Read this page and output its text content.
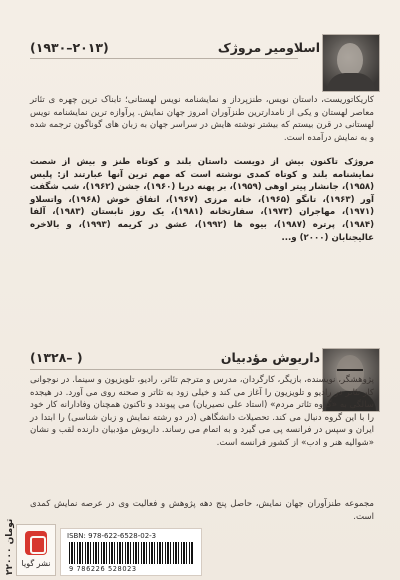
اسلاومیر مروژک
(۱۹۳۰–۲۰۱۳)
کاریکاتوریست، داستان نویس، طنزپرداز و نمایشنامه نویس لهستانی؛ تابناک ترین چهره ی تئاتر معاصر لهستان و یکی از نامدارترین طنزآوران امروز جهان نمایش. پرآوازه ترین نمایشنامه نویس لهستانی در قرن بیستم که بیشتر نوشته هایش در سراسر جهان به زبان های گوناگون ترجمه شده و به نمایش درآمده است.
مروژک تاکنون بیش از دویست داستان بلند و کوتاه طنز و بیش از شصت نمایشنامه بلند و کوتاه کمدی نوشته است که مهم ترین آنها عبارتند از: پلیس (۱۹۵۸)، جانشار پیتر اوهی (۱۹۵۹)، بر پهنه دریا (۱۹۶۰)، جشن (۱۹۶۲)، شب شگفت آور (۱۹۶۳)، تانگو (۱۹۶۵)، خانه مرزی (۱۹۶۷)، اتفاق خوش (۱۹۶۸)، واتسلاو (۱۹۷۱)، مهاجران (۱۹۷۳)، سفارتخانه (۱۹۸۱)، یک روز تابستان (۱۹۸۳)، آلفا (۱۹۸۴)، پرتره (۱۹۸۷)، بیوه ها (۱۹۹۲)، عشق در کریمه (۱۹۹۳)، و بالاخره عالیجنابان (۲۰۰۰) و...
داریوش مؤدبیان
(۱۳۲۸– )
پژوهشگر، نویسنده، بازیگر، کارگردان، مدرس و مترجم تئاتر، رادیو، تلویزیون و سینما. در نوجوانی کار تئاتر در رادیو و تلویزیون را آغاز می کند و خیلی زود به تئاتر و صحنه روی می آورد. در هیجده سالگی به «گروه تئاتر مردم» (استاد علی نصیریان) می پیوندد و تاکنون همچنان وفادارانه کار خود را با این گروه دنبال می کند. تحصیلات دانشگاهی (در دو رشته نمایش و زبان شناسی) را ابتدا در ایران و سپس در فرانسه پی می گیرد و به اتمام می رساند. داریوش مؤدبیان دارنده لقب و نشان «شوالیه هنر و ادب» از کشور فرانسه است.
مجموعه طنزآوران جهان نمایش، حاصل پنج دهه پژوهش و فعالیت وی در عرصه نمایش کمدی است.
۲۲۰۰۰ تومان
نشر گویا
ISBN: 978-622-6528-02-3
9 786226 528023
